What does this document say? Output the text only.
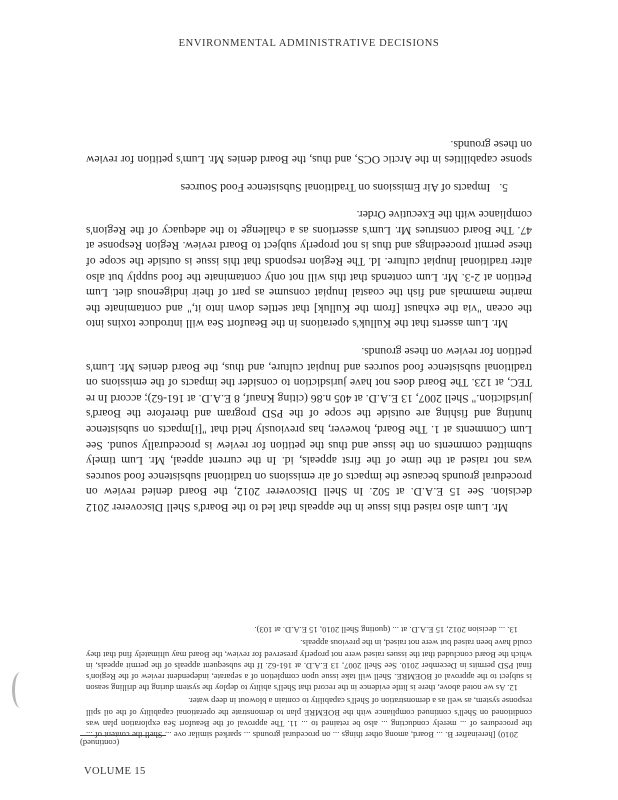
ENVIRONMENTAL ADMINISTRATIVE DECISIONS

Mr. Lum also raised this issue in the appeals that led to the Board's Shell Discoverer 2012 decision. See 15 E.A.D. at 502. In Shell Discoverer 2012, the Board denied review on procedural grounds because the impacts of air emissions on traditional subsistence food sources was not raised at the time of the first appeals, id. In the current appeal, Mr. Lum timely submitted comments on the issue and thus the petition for review is procedurally sound. See Lum Comments at 1. The Board, however, has previously held that "[i]mpacts on subsistence hunting and fishing are outside the scope of the PSD program and therefore the Board's jurisdiction." Shell 2007, 13 E.A.D. at 405 n.86 (citing Knauf, 8 E.A.D. at 161-62); accord In re TEC, at 123. The Board does not have jurisdiction to consider the impacts of the emissions on traditional subsistence food sources and Inupiat culture, and thus, the Board denies Mr. Lum's petition for review on these grounds.

Mr. Lum asserts that the Kulluk's operations in the Beaufort Sea will introduce toxins into the ocean "via the exhaust [from the Kulluk] that settles down into it," and contaminate the marine mammals and fish the coastal Inupiat consume as part of their indigenous diet. Lum Petition at 2-3. Mr. Lum contends that this will not only contaminate the food supply but also alter traditional Inupiat culture. Id. The Region responds that this issue is outside the scope of these permit proceedings and thus is not properly subject to Board review. Region Response at 47. The Board construes Mr. Lum's assertions as a challenge to the adequacy of the Region's compliance with the Executive Order.

5. Impacts of Air Emissions on Traditional Subsistence Food Sources

sponse capabilities in the Arctic OCS, and thus, the Board denies Mr. Lum's petition for review on these grounds.

2010) [hereinafter B. ... Board, among other things ... on procedural grounds ... sparked similar ove ... Shell the content of ... the procedures of ... merely conducting ... also be retained to ... 11. The approval of the Beaufort Sea exploration plan was conditioned on Shell's continued compliance with the BOEMRE plan to demonstrate the operational capability of the oil spill response system, as well as a demonstration of Shell's capability to contain a blowout in deep water.

12. As we noted above, there is little evidence in the record that Shell's ability to deploy the system during the drilling season is subject to the approval of BOEMRE. Shell will take issue upon completion of a separate, independent review of the Region's final PSD permits in December 2010. See Shell 2007, 13 E.A.D. at 161-62. If the subsequent appeals of the permit appeals, in which the Board concluded that the issues raised were not properly preserved for review, the Board may ultimately find that they could have been raised but were not raised, in the previous appeals.

13. ... decision 2012, 15 E.A.D. at ... (quoting Shell 2010, 15 E.A.D. at 103).

(continued)
VOLUME 15
